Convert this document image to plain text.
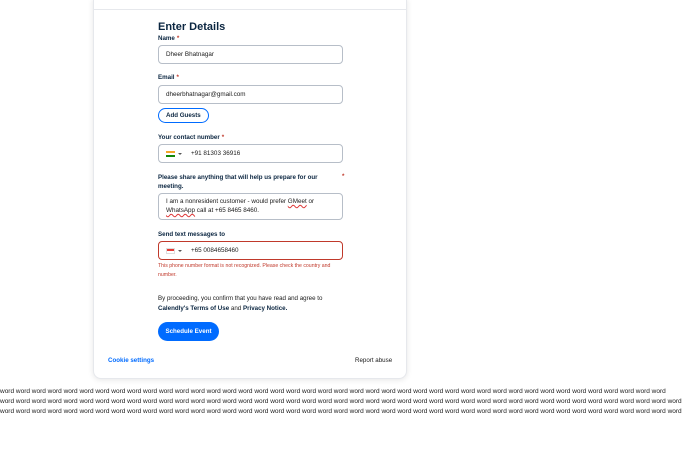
Enter Details
Name *
Dheer Bhatnagar
Email *
dheerbhatnagar@gmail.com
Add Guests
Your contact number *
+91 81303 36916
Please share anything that will help us prepare for our meeting.
*
I am a nonresident customer - would prefer GMeet or WhatsApp call at +65 8465 8460.
Send text messages to
+65 0084658460
This phone number format is not recognized. Please check the country and number.
By proceeding, you confirm that you have read and agree to
Calendly's Terms of Use and Privacy Notice.
Schedule Event
Cookie settings	Report abuse
word word word word word word word word word word word word word word word word word word word word word word word word word word word word word word word word word word word word word word word word word word
word word word word word word word word word word word word word word word word word word word word word word word word word word word word word word word word word word word word word word word word word word word
word word word word word word word word word word word word word word word word word word word word word word word word word word word word word word word word word word word word word word word word word word word
